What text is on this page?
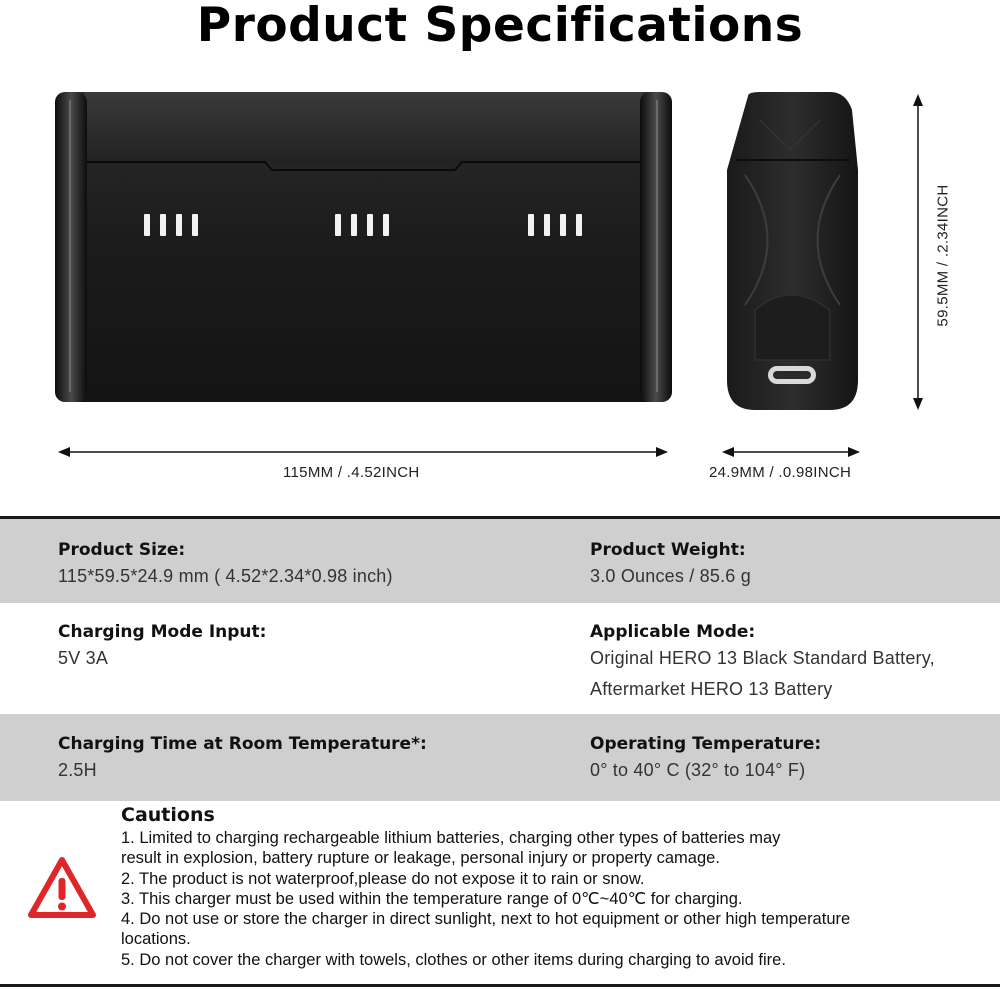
Product Specifications
115MM / .4.52INCH	24.9MM / .0.98INCH
59.5MM / .2.34INCH
Product Size:
115*59.5*24.9 mm ( 4.52*2.34*0.98 inch)
Product Weight:
3.0 Ounces / 85.6 g
Charging Mode Input:
5V 3A
Applicable Mode:
Original HERO 13 Black Standard Battery,
Aftermarket HERO 13 Battery
Charging Time at Room Temperature*:
2.5H
Operating Temperature:
0° to 40° C (32° to 104° F)
Cautions
1. Limited to charging rechargeable lithium batteries, charging other types of batteries may
result in explosion, battery rupture or leakage, personal injury or property camage.
2. The product is not waterproof,please do not expose it to rain or snow.
3. This charger must be used within the temperature range of 0℃~40℃ for charging.
4. Do not use or store the charger in direct sunlight, next to hot equipment or other high temperature
locations.
5. Do not cover the charger with towels, clothes or other items during charging to avoid fire.
